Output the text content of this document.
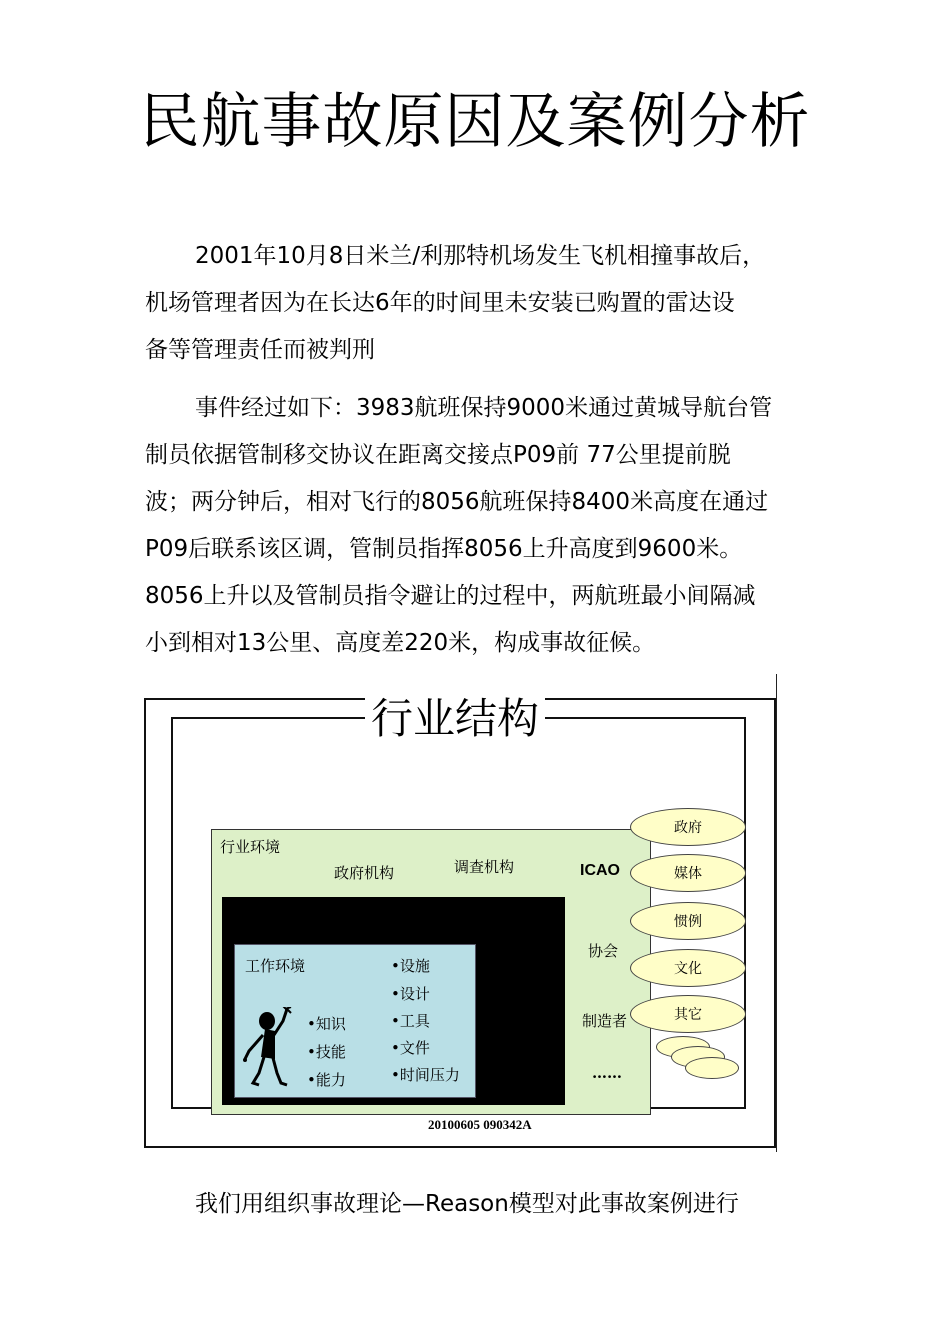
民航事故原因及案例分析

2001年10月8日米兰/利那特机场发生飞机相撞事故后，
机场管理者因为在长达6年的时间里未安装已购置的雷达设
备等管理责任而被判刑

事件经过如下：3983航班保持9000米通过黄城导航台管
制员依据管制移交协议在距离交接点P09前 77公里提前脱
波；两分钟后，相对飞行的8056航班保持8400米高度在通过
P09后联系该区调，管制员指挥8056上升高度到9600米。
8056上升以及管制员指令避让的过程中，两航班最小间隔减
小到相对13公里、高度差220米，构成事故征候。

行业结构
行业环境
政府机构	调查机构	ICAO
协会
制造者
……
工作环境
•知识
•技能
•能力
•设施
•设计
•工具
•文件
•时间压力
政府
媒体
惯例
文化
其它
20100605 090342A

我们用组织事故理论—Reason模型对此事故案例进行
